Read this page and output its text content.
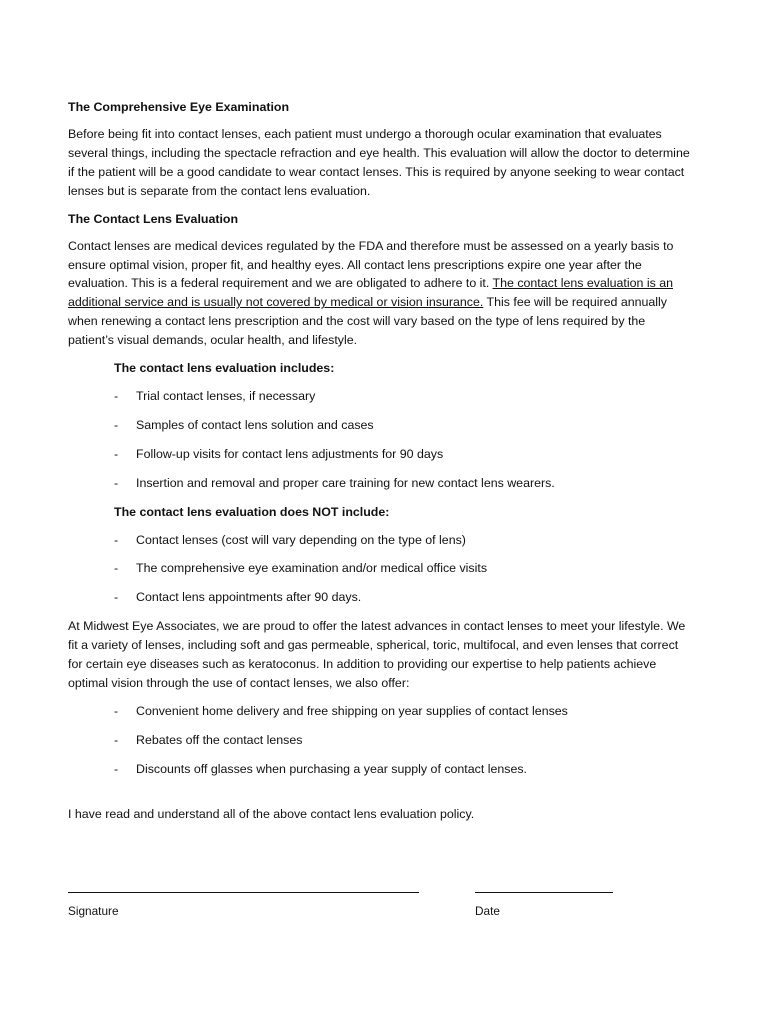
The Comprehensive Eye Examination

Before being fit into contact lenses, each patient must undergo a thorough ocular examination that evaluates several things, including the spectacle refraction and eye health. This evaluation will allow the doctor to determine if the patient will be a good candidate to wear contact lenses. This is required by anyone seeking to wear contact lenses but is separate from the contact lens evaluation.

The Contact Lens Evaluation

Contact lenses are medical devices regulated by the FDA and therefore must be assessed on a yearly basis to ensure optimal vision, proper fit, and healthy eyes. All contact lens prescriptions expire one year after the evaluation. This is a federal requirement and we are obligated to adhere to it. The contact lens evaluation is an additional service and is usually not covered by medical or vision insurance. This fee will be required annually when renewing a contact lens prescription and the cost will vary based on the type of lens required by the patient’s visual demands, ocular health, and lifestyle.

The contact lens evaluation includes:
- Trial contact lenses, if necessary
- Samples of contact lens solution and cases
- Follow-up visits for contact lens adjustments for 90 days
- Insertion and removal and proper care training for new contact lens wearers.
The contact lens evaluation does NOT include:
- Contact lenses (cost will vary depending on the type of lens)
- The comprehensive eye examination and/or medical office visits
- Contact lens appointments after 90 days.

At Midwest Eye Associates, we are proud to offer the latest advances in contact lenses to meet your lifestyle. We fit a variety of lenses, including soft and gas permeable, spherical, toric, multifocal, and even lenses that correct for certain eye diseases such as keratoconus. In addition to providing our expertise to help patients achieve optimal vision through the use of contact lenses, we also offer:

- Convenient home delivery and free shipping on year supplies of contact lenses
- Rebates off the contact lenses
- Discounts off glasses when purchasing a year supply of contact lenses.

I have read and understand all of the above contact lens evaluation policy.

Signature	Date
